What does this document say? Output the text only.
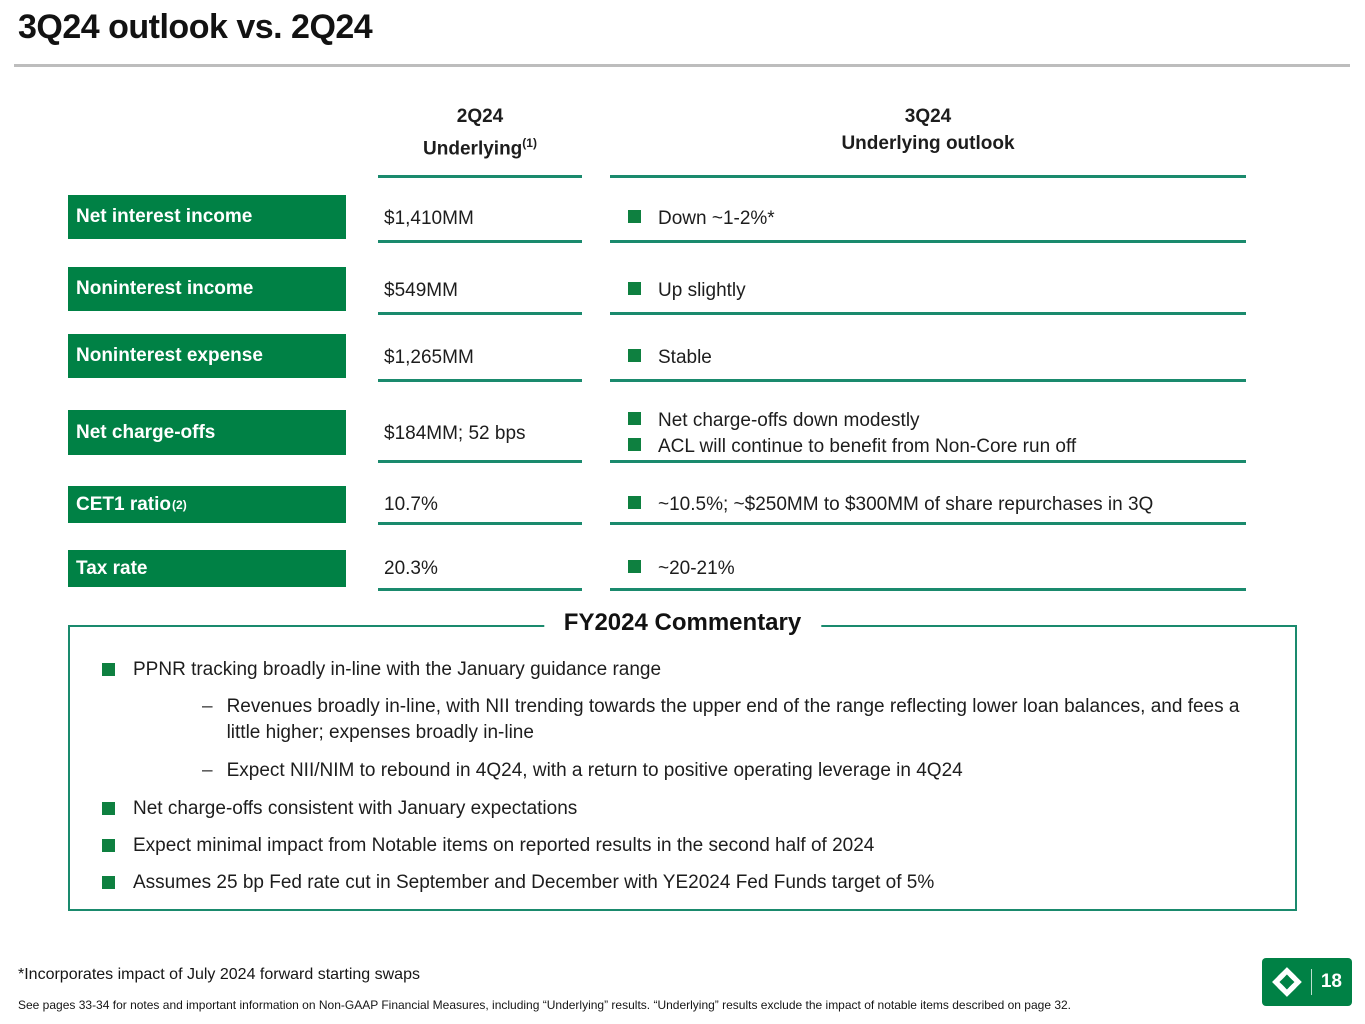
3Q24 outlook vs. 2Q24
2Q24
Underlying$^{(1)}$
3Q24
Underlying outlook
Net interest income	$1,410MM	Down ~1-2%*
Noninterest income	$549MM	Up slightly
Noninterest expense	$1,265MM	Stable
Net charge-offs	$184MM; 52 bps
Net charge-offs down modestly
ACL will continue to benefit from Non-Core run off
CET1 ratio (2)	10.7%	~10.5%; ~$250MM to $300MM of share repurchases in 3Q
Tax rate	20.3%	~20-21%
FY2024 Commentary
PPNR tracking broadly in-line with the January guidance range
– Revenues broadly in-line, with NII trending towards the upper end of the range reflecting lower loan balances, and fees a little higher; expenses broadly in-line
– Expect NII/NIM to rebound in 4Q24, with a return to positive operating leverage in 4Q24
Net charge-offs consistent with January expectations
Expect minimal impact from Notable items on reported results in the second half of 2024
Assumes 25 bp Fed rate cut in September and December with YE2024 Fed Funds target of 5%
*Incorporates impact of July 2024 forward starting swaps
See pages 33-34 for notes and important information on Non-GAAP Financial Measures, including “Underlying” results. “Underlying” results exclude the impact of notable items described on page 32.
18
